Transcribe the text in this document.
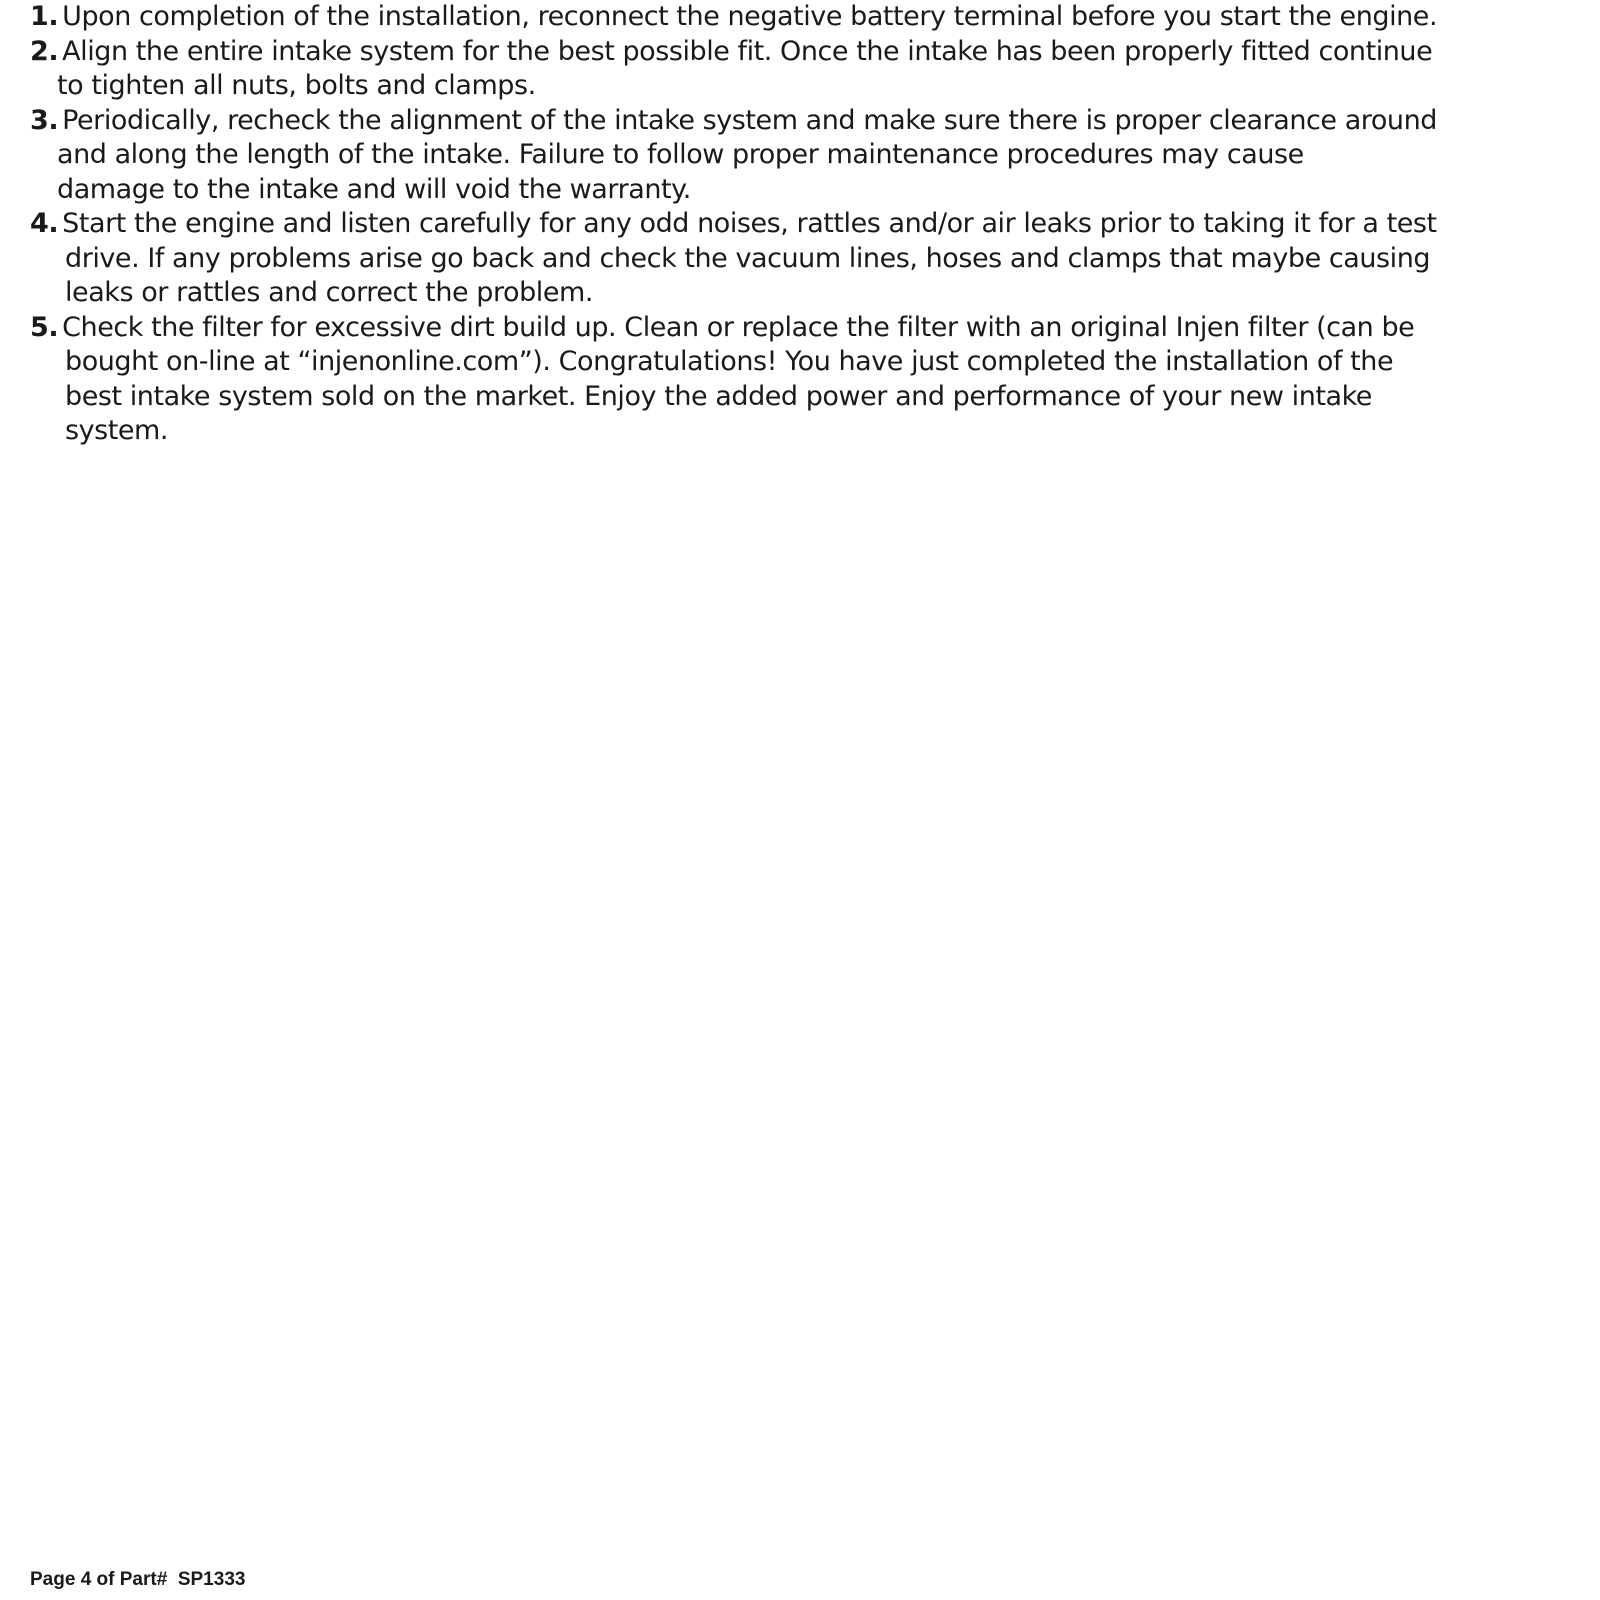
1. Upon completion of the installation, reconnect the negative battery terminal before you start the engine.
2. Align the entire intake system for the best possible fit. Once the intake has been properly fitted continue
to tighten all nuts, bolts and clamps.
3. Periodically, recheck the alignment of the intake system and make sure there is proper clearance around
and along the length of the intake. Failure to follow proper maintenance procedures may cause
damage to the intake and will void the warranty.
4. Start the engine and listen carefully for any odd noises, rattles and/or air leaks prior to taking it for a test
drive. If any problems arise go back and check the vacuum lines, hoses and clamps that maybe causing
leaks or rattles and correct the problem.
5. Check the filter for excessive dirt build up. Clean or replace the filter with an original Injen filter (can be
bought on-line at “injenonline.com”). Congratulations! You have just completed the installation of the
best intake system sold on the market. Enjoy the added power and performance of your new intake
system.
Page 4 of Part#  SP1333
